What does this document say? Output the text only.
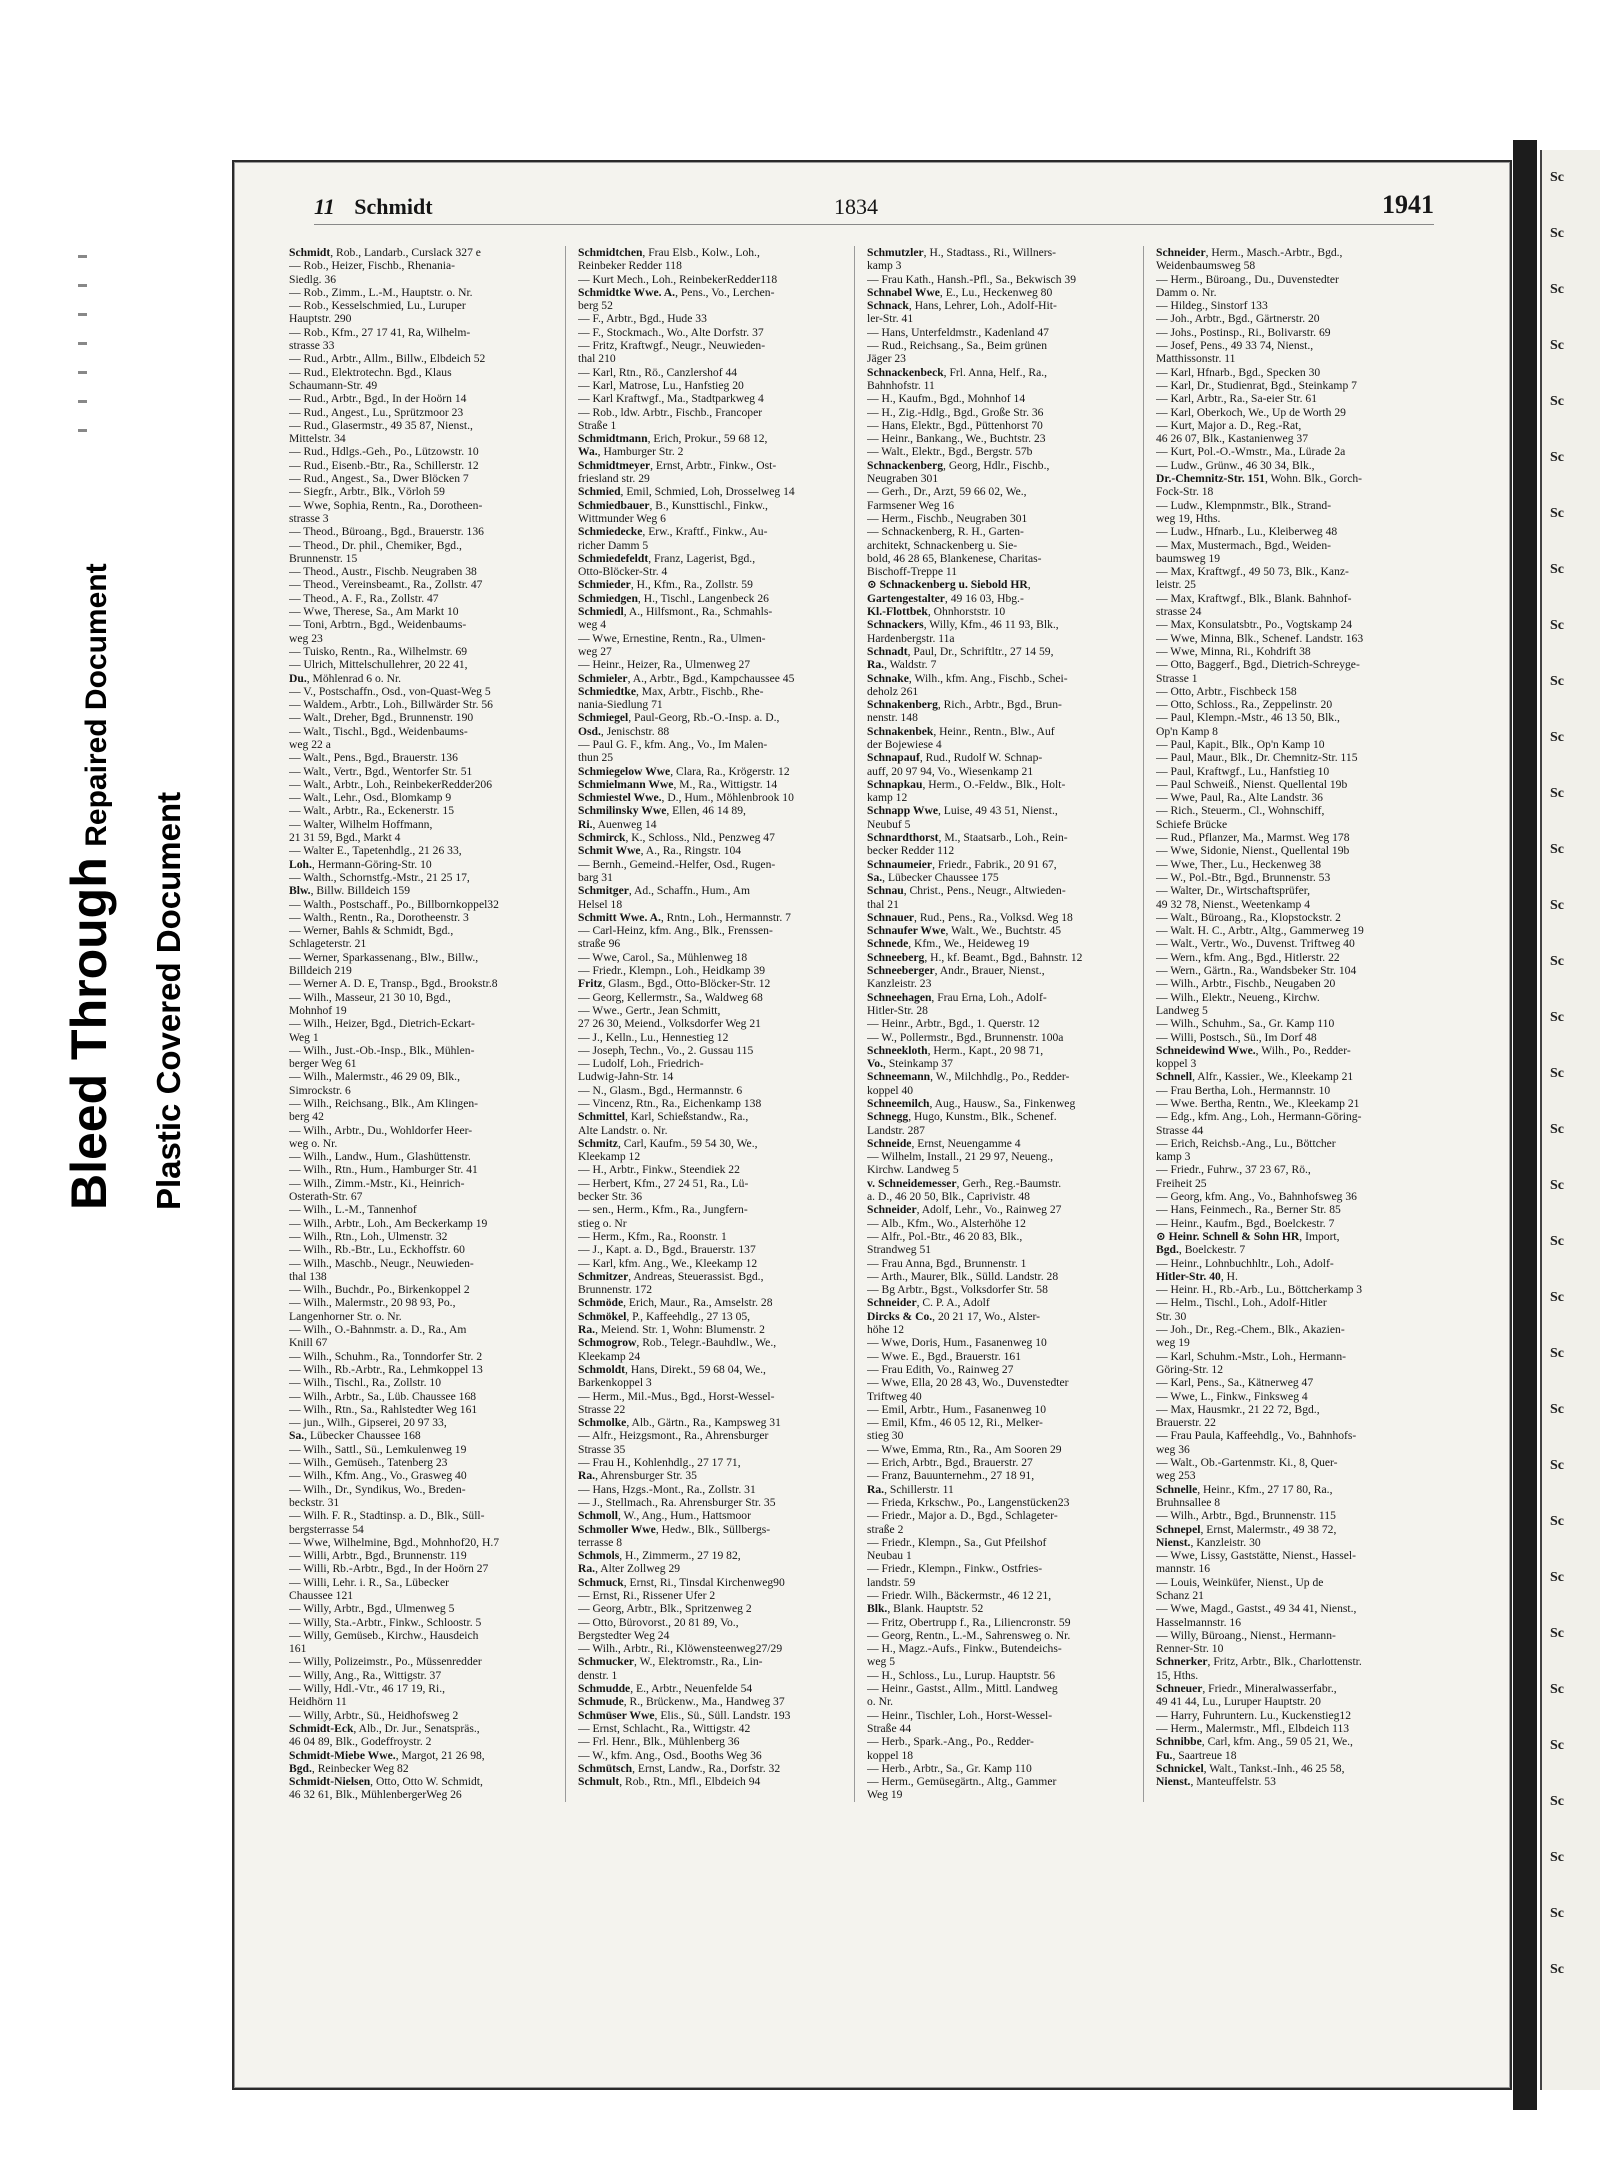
Bleed Through Repaired Document
Plastic Covered Document
Sc
Sc
Sc
Sc
Sc
Sc
Sc
Sc
Sc
Sc
Sc
Sc
Sc
Sc
Sc
Sc
Sc
Sc
Sc
Sc
Sc
Sc
Sc
Sc
Sc
Sc
Sc
Sc
Sc
Sc
Sc
Sc
Sc
11 Schmidt	1834	1941
Schmidt, Rob., Landarb., Curslack 327 e
— Rob., Heizer, Fischb., Rhenania-
Siedlg. 36
— Rob., Zimm., L.-M., Hauptstr. o. Nr.
— Rob., Kesselschmied, Lu., Luruper
Hauptstr. 290
— Rob., Kfm., 27 17 41, Ra, Wilhelm-
strasse 33
— Rud., Arbtr., Allm., Billw., Elbdeich 52
— Rud., Elektrotechn. Bgd., Klaus
Schaumann-Str. 49
— Rud., Arbtr., Bgd., In der Hoörn 14
— Rud., Angest., Lu., Sprützmoor 23
— Rud., Glasermstr., 49 35 87, Nienst.,
Mittelstr. 34
— Rud., Hdlgs.-Geh., Po., Lützowstr. 10
— Rud., Eisenb.-Btr., Ra., Schillerstr. 12
— Rud., Angest., Sa., Dwer Blöcken 7
— Siegfr., Arbtr., Blk., Vörloh 59
— Wwe, Sophia, Rentn., Ra., Dorotheen-
strasse 3
— Theod., Büroang., Bgd., Brauerstr. 136
— Theod., Dr. phil., Chemiker, Bgd.,
Brunnenstr. 15
— Theod., Austr., Fischb. Neugraben 38
— Theod., Vereinsbeamt., Ra., Zollstr. 47
— Theod., A. F., Ra., Zollstr. 47
— Wwe, Therese, Sa., Am Markt 10
— Toni, Arbtrn., Bgd., Weidenbaums-
weg 23
— Tuisko, Rentn., Ra., Wilhelmstr. 69
— Ulrich, Mittelschullehrer, 20 22 41,
Du., Möhlenrad 6 o. Nr.
— V., Postschaffn., Osd., von-Quast-Weg 5
— Waldem., Arbtr., Loh., Billwärder Str. 56
— Walt., Dreher, Bgd., Brunnenstr. 190
— Walt., Tischl., Bgd., Weidenbaums-
weg 22 a
— Walt., Pens., Bgd., Brauerstr. 136
— Walt., Vertr., Bgd., Wentorfer Str. 51
— Walt., Arbtr., Loh., ReinbekerRedder206
— Walt., Lehr., Osd., Blomkamp 9
— Walt., Arbtr., Ra., Eckenerstr. 15
— Walter, Wilhelm Hoffmann,
21 31 59, Bgd., Markt 4
— Walter E., Tapetenhdlg., 21 26 33,
Loh., Hermann-Göring-Str. 10
— Walth., Schornstfg.-Mstr., 21 25 17,
Blw., Billw. Billdeich 159
— Walth., Postschaff., Po., Billbornkoppel32
— Walth., Rentn., Ra., Dorotheenstr. 3
— Werner, Bahls & Schmidt, Bgd.,
Schlageterstr. 21
— Werner, Sparkassenang., Blw., Billw.,
Billdeich 219
— Werner A. D. E, Transp., Bgd., Brookstr.8
— Wilh., Masseur, 21 30 10, Bgd.,
Mohnhof 19
— Wilh., Heizer, Bgd., Dietrich-Eckart-
Weg 1
— Wilh., Just.-Ob.-Insp., Blk., Mühlen-
berger Weg 61
— Wilh., Malermstr., 46 29 09, Blk.,
Simrockstr. 6
— Wilh., Reichsang., Blk., Am Klingen-
berg 42
— Wilh., Arbtr., Du., Wohldorfer Heer-
weg o. Nr.
— Wilh., Landw., Hum., Glashüttenstr.
— Wilh., Rtn., Hum., Hamburger Str. 41
— Wilh., Zimm.-Mstr., Ki., Heinrich-
Osterath-Str. 67
— Wilh., L.-M., Tannenhof
— Wilh., Arbtr., Loh., Am Beckerkamp 19
— Wilh., Rtn., Loh., Ulmenstr. 32
— Wilh., Rb.-Btr., Lu., Eckhoffstr. 60
— Wilh., Maschb., Neugr., Neuwieden-
thal 138
— Wilh., Buchdr., Po., Birkenkoppel 2
— Wilh., Malermstr., 20 98 93, Po.,
Langenhorner Str. o. Nr.
— Wilh., O.-Bahnmstr. a. D., Ra., Am
Knill 67
— Wilh., Schuhm., Ra., Tonndorfer Str. 2
— Wilh., Rb.-Arbtr., Ra., Lehmkoppel 13
— Wilh., Tischl., Ra., Zollstr. 10
— Wilh., Arbtr., Sa., Lüb. Chaussee 168
— Wilh., Rtn., Sa., Rahlstedter Weg 161
— jun., Wilh., Gipserei, 20 97 33,
Sa., Lübecker Chaussee 168
— Wilh., Sattl., Sü., Lemkulenweg 19
— Wilh., Gemüseh., Tatenberg 23
— Wilh., Kfm. Ang., Vo., Grasweg 40
— Wilh., Dr., Syndikus, Wo., Breden-
beckstr. 31
— Wilh. F. R., Stadtinsp. a. D., Blk., Süll-
bergsterrasse 54
— Wwe, Wilhelmine, Bgd., Mohnhof20, H.7
— Willi, Arbtr., Bgd., Brunnenstr. 119
— Willi, Rb.-Arbtr., Bgd., In der Hoörn 27
— Willi, Lehr. i. R., Sa., Lübecker
Chaussee 121
— Willy, Arbtr., Bgd., Ulmenweg 5
— Willy, Sta.-Arbtr., Finkw., Schloostr. 5
— Willy, Gemüseb., Kirchw., Hausdeich
161
— Willy, Polizeimstr., Po., Müssenredder
— Willy, Ang., Ra., Wittigstr. 37
— Willy, Hdl.-Vtr., 46 17 19, Ri.,
Heidhörn 11
— Willy, Arbtr., Sü., Heidhofsweg 2
Schmidt-Eck, Alb., Dr. Jur., Senatspräs.,
46 04 89, Blk., Godeffroystr. 2
Schmidt-Miebe Wwe., Margot, 21 26 98,
Bgd., Reinbecker Weg 82
Schmidt-Nielsen, Otto, Otto W. Schmidt,
46 32 61, Blk., MühlenbergerWeg 26
Schmidtchen, Frau Elsb., Kolw., Loh.,
Reinbeker Redder 118
— Kurt Mech., Loh., ReinbekerRedder118
Schmidtke Wwe. A., Pens., Vo., Lerchen-
berg 52
— F., Arbtr., Bgd., Hude 33
— F., Stockmach., Wo., Alte Dorfstr. 37
— Fritz, Kraftwgf., Neugr., Neuwieden-
thal 210
— Karl, Rtn., Rö., Canzlershof 44
— Karl, Matrose, Lu., Hanfstieg 20
— Karl Kraftwgf., Ma., Stadtparkweg 4
— Rob., ldw. Arbtr., Fischb., Francoper
Straße 1
Schmidtmann, Erich, Prokur., 59 68 12,
Wa., Hamburger Str. 2
Schmidtmeyer, Ernst, Arbtr., Finkw., Ost-
friesland str. 29
Schmied, Emil, Schmied, Loh, Drosselweg 14
Schmiedbauer, B., Kunsttischl., Finkw.,
Wittmunder Weg 6
Schmiedecke, Erw., Kraftf., Finkw., Au-
richer Damm 5
Schmiedefeldt, Franz, Lagerist, Bgd.,
Otto-Blöcker-Str. 4
Schmieder, H., Kfm., Ra., Zollstr. 59
Schmiedgen, H., Tischl., Langenbeck 26
Schmiedl, A., Hilfsmont., Ra., Schmahls-
weg 4
— Wwe, Ernestine, Rentn., Ra., Ulmen-
weg 27
— Heinr., Heizer, Ra., Ulmenweg 27
Schmieler, A., Arbtr., Bgd., Kampchaussee 45
Schmiedtke, Max, Arbtr., Fischb., Rhe-
nania-Siedlung 71
Schmiegel, Paul-Georg, Rb.-O.-Insp. a. D.,
Osd., Jenischstr. 88
— Paul G. F., kfm. Ang., Vo., Im Malen-
thun 25
Schmiegelow Wwe, Clara, Ra., Krögerstr. 12
Schmielmann Wwe, M., Ra., Wittigstr. 14
Schmiestel Wwe., D., Hum., Möhlenbrook 10
Schmilinsky Wwe, Ellen, 46 14 89,
Ri., Auenweg 14
Schmirck, K., Schloss., Nld., Penzweg 47
Schmit Wwe, A., Ra., Ringstr. 104
— Bernh., Gemeind.-Helfer, Osd., Rugen-
barg 31
Schmitger, Ad., Schaffn., Hum., Am
Helsel 18
Schmitt Wwe. A., Rntn., Loh., Hermannstr. 7
— Carl-Heinz, kfm. Ang., Blk., Frenssen-
straße 96
— Wwe, Carol., Sa., Mühlenweg 18
— Friedr., Klempn., Loh., Heidkamp 39
Fritz, Glasm., Bgd., Otto-Blöcker-Str. 12
— Georg, Kellermstr., Sa., Waldweg 68
— Wwe., Gertr., Jean Schmitt,
27 26 30, Meiend., Volksdorfer Weg 21
— J., Kelln., Lu., Hennestieg 12
— Joseph, Techn., Vo., 2. Gussau 115
— Ludolf, Loh., Friedrich-
Ludwig-Jahn-Str. 14
— N., Glasm., Bgd., Hermannstr. 6
— Vincenz, Rtn., Ra., Eichenkamp 138
Schmittel, Karl, Schießstandw., Ra.,
Alte Landstr. o. Nr.
Schmitz, Carl, Kaufm., 59 54 30, We.,
Kleekamp 12
— H., Arbtr., Finkw., Steendiek 22
— Herbert, Kfm., 27 24 51, Ra., Lü-
becker Str. 36
— sen., Herm., Kfm., Ra., Jungfern-
stieg o. Nr
— Herm., Kfm., Ra., Roonstr. 1
— J., Kapt. a. D., Bgd., Brauerstr. 137
— Karl, kfm. Ang., We., Kleekamp 12
Schmitzer, Andreas, Steuerassist. Bgd.,
Brunnenstr. 172
Schmöde, Erich, Maur., Ra., Amselstr. 28
Schmökel, P., Kaffeehdlg., 27 13 05,
Ra., Meiend. Str. 1, Wohn: Blumenstr. 2
Schmogrow, Rob., Telegr.-Bauhdlw., We.,
Kleekamp 24
Schmoldt, Hans, Direkt., 59 68 04, We.,
Barkenkoppel 3
— Herm., Mil.-Mus., Bgd., Horst-Wessel-
Strasse 22
Schmolke, Alb., Gärtn., Ra., Kampsweg 31
— Alfr., Heizgsmont., Ra., Ahrensburger
Strasse 35
— Frau H., Kohlenhdlg., 27 17 71,
Ra., Ahrensburger Str. 35
— Hans, Hzgs.-Mont., Ra., Zollstr. 31
— J., Stellmach., Ra. Ahrensburger Str. 35
Schmoll, W., Ang., Hum., Hattsmoor
Schmoller Wwe, Hedw., Blk., Süllbergs-
terrasse 8
Schmols, H., Zimmerm., 27 19 82,
Ra., Alter Zollweg 29
Schmuck, Ernst, Ri., Tinsdal Kirchenweg90
— Ernst, Ri., Rissener Ufer 2
— Georg, Arbtr., Blk., Spritzenweg 2
— Otto, Bürovorst., 20 81 89, Vo.,
Bergstedter Weg 24
— Wilh., Arbtr., Ri., Klöwensteenweg27/29
Schmucker, W., Elektromstr., Ra., Lin-
denstr. 1
Schmudde, E., Arbtr., Neuenfelde 54
Schmude, R., Brückenw., Ma., Handweg 37
Schmüser Wwe, Elis., Sü., Süll. Landstr. 193
— Ernst, Schlacht., Ra., Wittigstr. 42
— Frl. Henr., Blk., Mühlenberg 36
— W., kfm. Ang., Osd., Booths Weg 36
Schmütsch, Ernst, Landw., Ra., Dorfstr. 32
Schmult, Rob., Rtn., Mfl., Elbdeich 94
Schmutzler, H., Stadtass., Ri., Willners-
kamp 3
— Frau Kath., Hansh.-Pfl., Sa., Bekwisch 39
Schnabel Wwe, E., Lu., Heckenweg 80
Schnack, Hans, Lehrer, Loh., Adolf-Hit-
ler-Str. 41
— Hans, Unterfeldmstr., Kadenland 47
— Rud., Reichsang., Sa., Beim grünen
Jäger 23
Schnackenbeck, Frl. Anna, Helf., Ra.,
Bahnhofstr. 11
— H., Kaufm., Bgd., Mohnhof 14
— H., Zig.-Hdlg., Bgd., Große Str. 36
— Hans, Elektr., Bgd., Püttenhorst 70
— Heinr., Bankang., We., Buchtstr. 23
— Walt., Elektr., Bgd., Bergstr. 57b
Schnackenberg, Georg, Hdlr., Fischb.,
Neugraben 301
— Gerh., Dr., Arzt, 59 66 02, We.,
Farmsener Weg 16
— Herm., Fischb., Neugraben 301
— Schnackenberg, R. H., Garten-
architekt, Schnackenberg u. Sie-
bold, 46 28 65, Blankenese, Charitas-
Bischoff-Treppe 11
⊙ Schnackenberg u. Siebold HR,
Gartengestalter, 49 16 03, Hbg.-
Kl.-Flottbek, Ohnhorststr. 10
Schnackers, Willy, Kfm., 46 11 93, Blk.,
Hardenbergstr. 11a
Schnadt, Paul, Dr., Schriftltr., 27 14 59,
Ra., Waldstr. 7
Schnake, Wilh., kfm. Ang., Fischb., Schei-
deholz 261
Schnakenberg, Rich., Arbtr., Bgd., Brun-
nenstr. 148
Schnakenbek, Heinr., Rentn., Blw., Auf
der Bojewiese 4
Schnapauf, Rud., Rudolf W. Schnap-
auff, 20 97 94, Vo., Wiesenkamp 21
Schnapkau, Herm., O.-Feldw., Blk., Holt-
kamp 12
Schnapp Wwe, Luise, 49 43 51, Nienst.,
Neubuf 5
Schnardthorst, M., Staatsarb., Loh., Rein-
becker Redder 112
Schnaumeier, Friedr., Fabrik., 20 91 67,
Sa., Lübecker Chaussee 175
Schnau, Christ., Pens., Neugr., Altwieden-
thal 21
Schnauer, Rud., Pens., Ra., Volksd. Weg 18
Schnaufer Wwe, Walt., We., Buchtstr. 45
Schnede, Kfm., We., Heideweg 19
Schneeberg, H., kf. Beamt., Bgd., Bahnstr. 12
Schneeberger, Andr., Brauer, Nienst.,
Kanzleistr. 23
Schneehagen, Frau Erna, Loh., Adolf-
Hitler-Str. 28
— Heinr., Arbtr., Bgd., 1. Querstr. 12
— W., Pollermstr., Bgd., Brunnenstr. 100a
Schneekloth, Herm., Kapt., 20 98 71,
Vo., Steinkamp 37
Schneemann, W., Milchhdlg., Po., Redder-
koppel 40
Schneemilch, Aug., Hausw., Sa., Finkenweg
Schnegg, Hugo, Kunstm., Blk., Schenef.
Landstr. 287
Schneide, Ernst, Neuengamme 4
— Wilhelm, Install., 21 29 97, Neueng.,
Kirchw. Landweg 5
v. Schneidemesser, Gerh., Reg.-Baumstr.
a. D., 46 20 50, Blk., Caprivistr. 48
Schneider, Adolf, Lehr., Vo., Rainweg 27
— Alb., Kfm., Wo., Alsterhöhe 12
— Alfr., Pol.-Btr., 46 20 83, Blk.,
Strandweg 51
— Frau Anna, Bgd., Brunnenstr. 1
— Arth., Maurer, Blk., Sülld. Landstr. 28
— Bg Arbtr., Bgst., Volksdorfer Str. 58
Schneider, C. P. A., Adolf
Dircks & Co., 20 21 17, Wo., Alster-
höhe 12
— Wwe, Doris, Hum., Fasanenweg 10
— Wwe. E., Bgd., Brauerstr. 161
— Frau Edith, Vo., Rainweg 27
— Wwe, Ella, 20 28 43, Wo., Duvenstedter
Triftweg 40
— Emil, Arbtr., Hum., Fasanenweg 10
— Emil, Kfm., 46 05 12, Ri., Melker-
stieg 30
— Wwe, Emma, Rtn., Ra., Am Sooren 29
— Erich, Arbtr., Bgd., Brauerstr. 27
— Franz, Bauunternehm., 27 18 91,
Ra., Schillerstr. 11
— Frieda, Krkschw., Po., Langenstücken23
— Friedr., Major a. D., Bgd., Schlageter-
straße 2
— Friedr., Klempn., Sa., Gut Pfeilshof
Neubau 1
— Friedr., Klempn., Finkw., Ostfries-
landstr. 59
— Friedr. Wilh., Bäckermstr., 46 12 21,
Blk., Blank. Hauptstr. 52
— Fritz, Obertrupp f., Ra., Liliencronstr. 59
— Georg, Rentn., L.-M., Sahrensweg o. Nr.
— H., Magz.-Aufs., Finkw., Butendeichs-
weg 5
— H., Schloss., Lu., Lurup. Hauptstr. 56
— Heinr., Gastst., Allm., Mittl. Landweg
o. Nr.
— Heinr., Tischler, Loh., Horst-Wessel-
Straße 44
— Herb., Spark.-Ang., Po., Redder-
koppel 18
— Herb., Arbtr., Sa., Gr. Kamp 110
— Herm., Gemüsegärtn., Altg., Gammer
Weg 19
Schneider, Herm., Masch.-Arbtr., Bgd.,
Weidenbaumsweg 58
— Herm., Büroang., Du., Duvenstedter
Damm o. Nr.
— Hildeg., Sinstorf 133
— Joh., Arbtr., Bgd., Gärtnerstr. 20
— Johs., Postinsp., Ri., Bolivarstr. 69
— Josef, Pens., 49 33 74, Nienst.,
Matthissonstr. 11
— Karl, Hfnarb., Bgd., Specken 30
— Karl, Dr., Studienrat, Bgd., Steinkamp 7
— Karl, Arbtr., Ra., Sa-eier Str. 61
— Karl, Oberkoch, We., Up de Worth 29
— Kurt, Major a. D., Reg.-Rat,
46 26 07, Blk., Kastanienweg 37
— Kurt, Pol.-O.-Wmstr., Ma., Lürade 2a
— Ludw., Grünw., 46 30 34, Blk.,
Dr.-Chemnitz-Str. 151, Wohn. Blk., Gorch-
Fock-Str. 18
— Ludw., Klempnmstr., Blk., Strand-
weg 19, Hths.
— Ludw., Hfnarb., Lu., Kleiberweg 48
— Max, Mustermach., Bgd., Weiden-
baumsweg 19
— Max, Kraftwgf., 49 50 73, Blk., Kanz-
leistr. 25
— Max, Kraftwgf., Blk., Blank. Bahnhof-
strasse 24
— Max, Konsulatsbtr., Po., Vogtskamp 24
— Wwe, Minna, Blk., Schenef. Landstr. 163
— Wwe, Minna, Ri., Kohdrift 38
— Otto, Baggerf., Bgd., Dietrich-Schreyge-
Strasse 1
— Otto, Arbtr., Fischbeck 158
— Otto, Schloss., Ra., Zeppelinstr. 20
— Paul, Klempn.-Mstr., 46 13 50, Blk.,
Op'n Kamp 8
— Paul, Kapit., Blk., Op'n Kamp 10
— Paul, Maur., Blk., Dr. Chemnitz-Str. 115
— Paul, Kraftwgf., Lu., Hanfstieg 10
— Paul Schweiß., Nienst. Quellental 19b
— Wwe, Paul, Ra., Alte Landstr. 36
— Rich., Steuerm., Cl., Wohnschiff,
Schiefe Brücke
— Rud., Pflanzer, Ma., Marmst. Weg 178
— Wwe, Sidonie, Nienst., Quellental 19b
— Wwe, Ther., Lu., Heckenweg 38
— W., Pol.-Btr., Bgd., Brunnenstr. 53
— Walter, Dr., Wirtschaftsprüfer,
49 32 78, Nienst., Weetenkamp 4
— Walt., Büroang., Ra., Klopstockstr. 2
— Walt. H. C., Arbtr., Altg., Gammerweg 19
— Walt., Vertr., Wo., Duvenst. Triftweg 40
— Wern., kfm. Ang., Bgd., Hitlerstr. 22
— Wern., Gärtn., Ra., Wandsbeker Str. 104
— Wilh., Arbtr., Fischb., Neugaben 20
— Wilh., Elektr., Neueng., Kirchw.
Landweg 5
— Wilh., Schuhm., Sa., Gr. Kamp 110
— Willi, Postsch., Sü., Im Dorf 48
Schneidewind Wwe., Wilh., Po., Redder-
koppel 3
Schnell, Alfr., Kassier., We., Kleekamp 21
— Frau Bertha, Loh., Hermannstr. 10
— Wwe. Bertha, Rentn., We., Kleekamp 21
— Edg., kfm. Ang., Loh., Hermann-Göring-
Strasse 44
— Erich, Reichsb.-Ang., Lu., Böttcher
kamp 3
— Friedr., Fuhrw., 37 23 67, Rö.,
Freiheit 25
— Georg, kfm. Ang., Vo., Bahnhofsweg 36
— Hans, Feinmech., Ra., Berner Str. 85
— Heinr., Kaufm., Bgd., Boelckestr. 7
⊙ Heinr. Schnell & Sohn HR, Import,
Bgd., Boelckestr. 7
— Heinr., Lohnbuchhltr., Loh., Adolf-
Hitler-Str. 40, H.
— Heinr. H., Rb.-Arb., Lu., Böttcherkamp 3
— Helm., Tischl., Loh., Adolf-Hitler
Str. 30
— Joh., Dr., Reg.-Chem., Blk., Akazien-
weg 19
— Karl, Schuhm.-Mstr., Loh., Hermann-
Göring-Str. 12
— Karl, Pens., Sa., Kätnerweg 47
— Wwe, L., Finkw., Finksweg 4
— Max, Hausmkr., 21 22 72, Bgd.,
Brauerstr. 22
— Frau Paula, Kaffeehdlg., Vo., Bahnhofs-
weg 36
— Walt., Ob.-Gartenmstr. Ki., 8, Quer-
weg 253
Schnelle, Heinr., Kfm., 27 17 80, Ra.,
Bruhnsallee 8
— Wilh., Arbtr., Bgd., Brunnenstr. 115
Schnepel, Ernst, Malermstr., 49 38 72,
Nienst., Kanzleistr. 30
— Wwe, Lissy, Gaststätte, Nienst., Hassel-
mannstr. 16
— Louis, Weinküfer, Nienst., Up de
Schanz 21
— Wwe, Magd., Gastst., 49 34 41, Nienst.,
Hasselmannstr. 16
— Willy, Büroang., Nienst., Hermann-
Renner-Str. 10
Schnerker, Fritz, Arbtr., Blk., Charlottenstr.
15, Hths.
Schneuer, Friedr., Mineralwasserfabr.,
49 41 44, Lu., Luruper Hauptstr. 20
— Harry, Fuhruntern. Lu., Kuckenstieg12
— Herm., Malermstr., Mfl., Elbdeich 113
Schnibbe, Carl, kfm. Ang., 59 05 21, We.,
Fu., Saartreue 18
Schnickel, Walt., Tankst.-Inh., 46 25 58,
Nienst., Manteuffelstr. 53
